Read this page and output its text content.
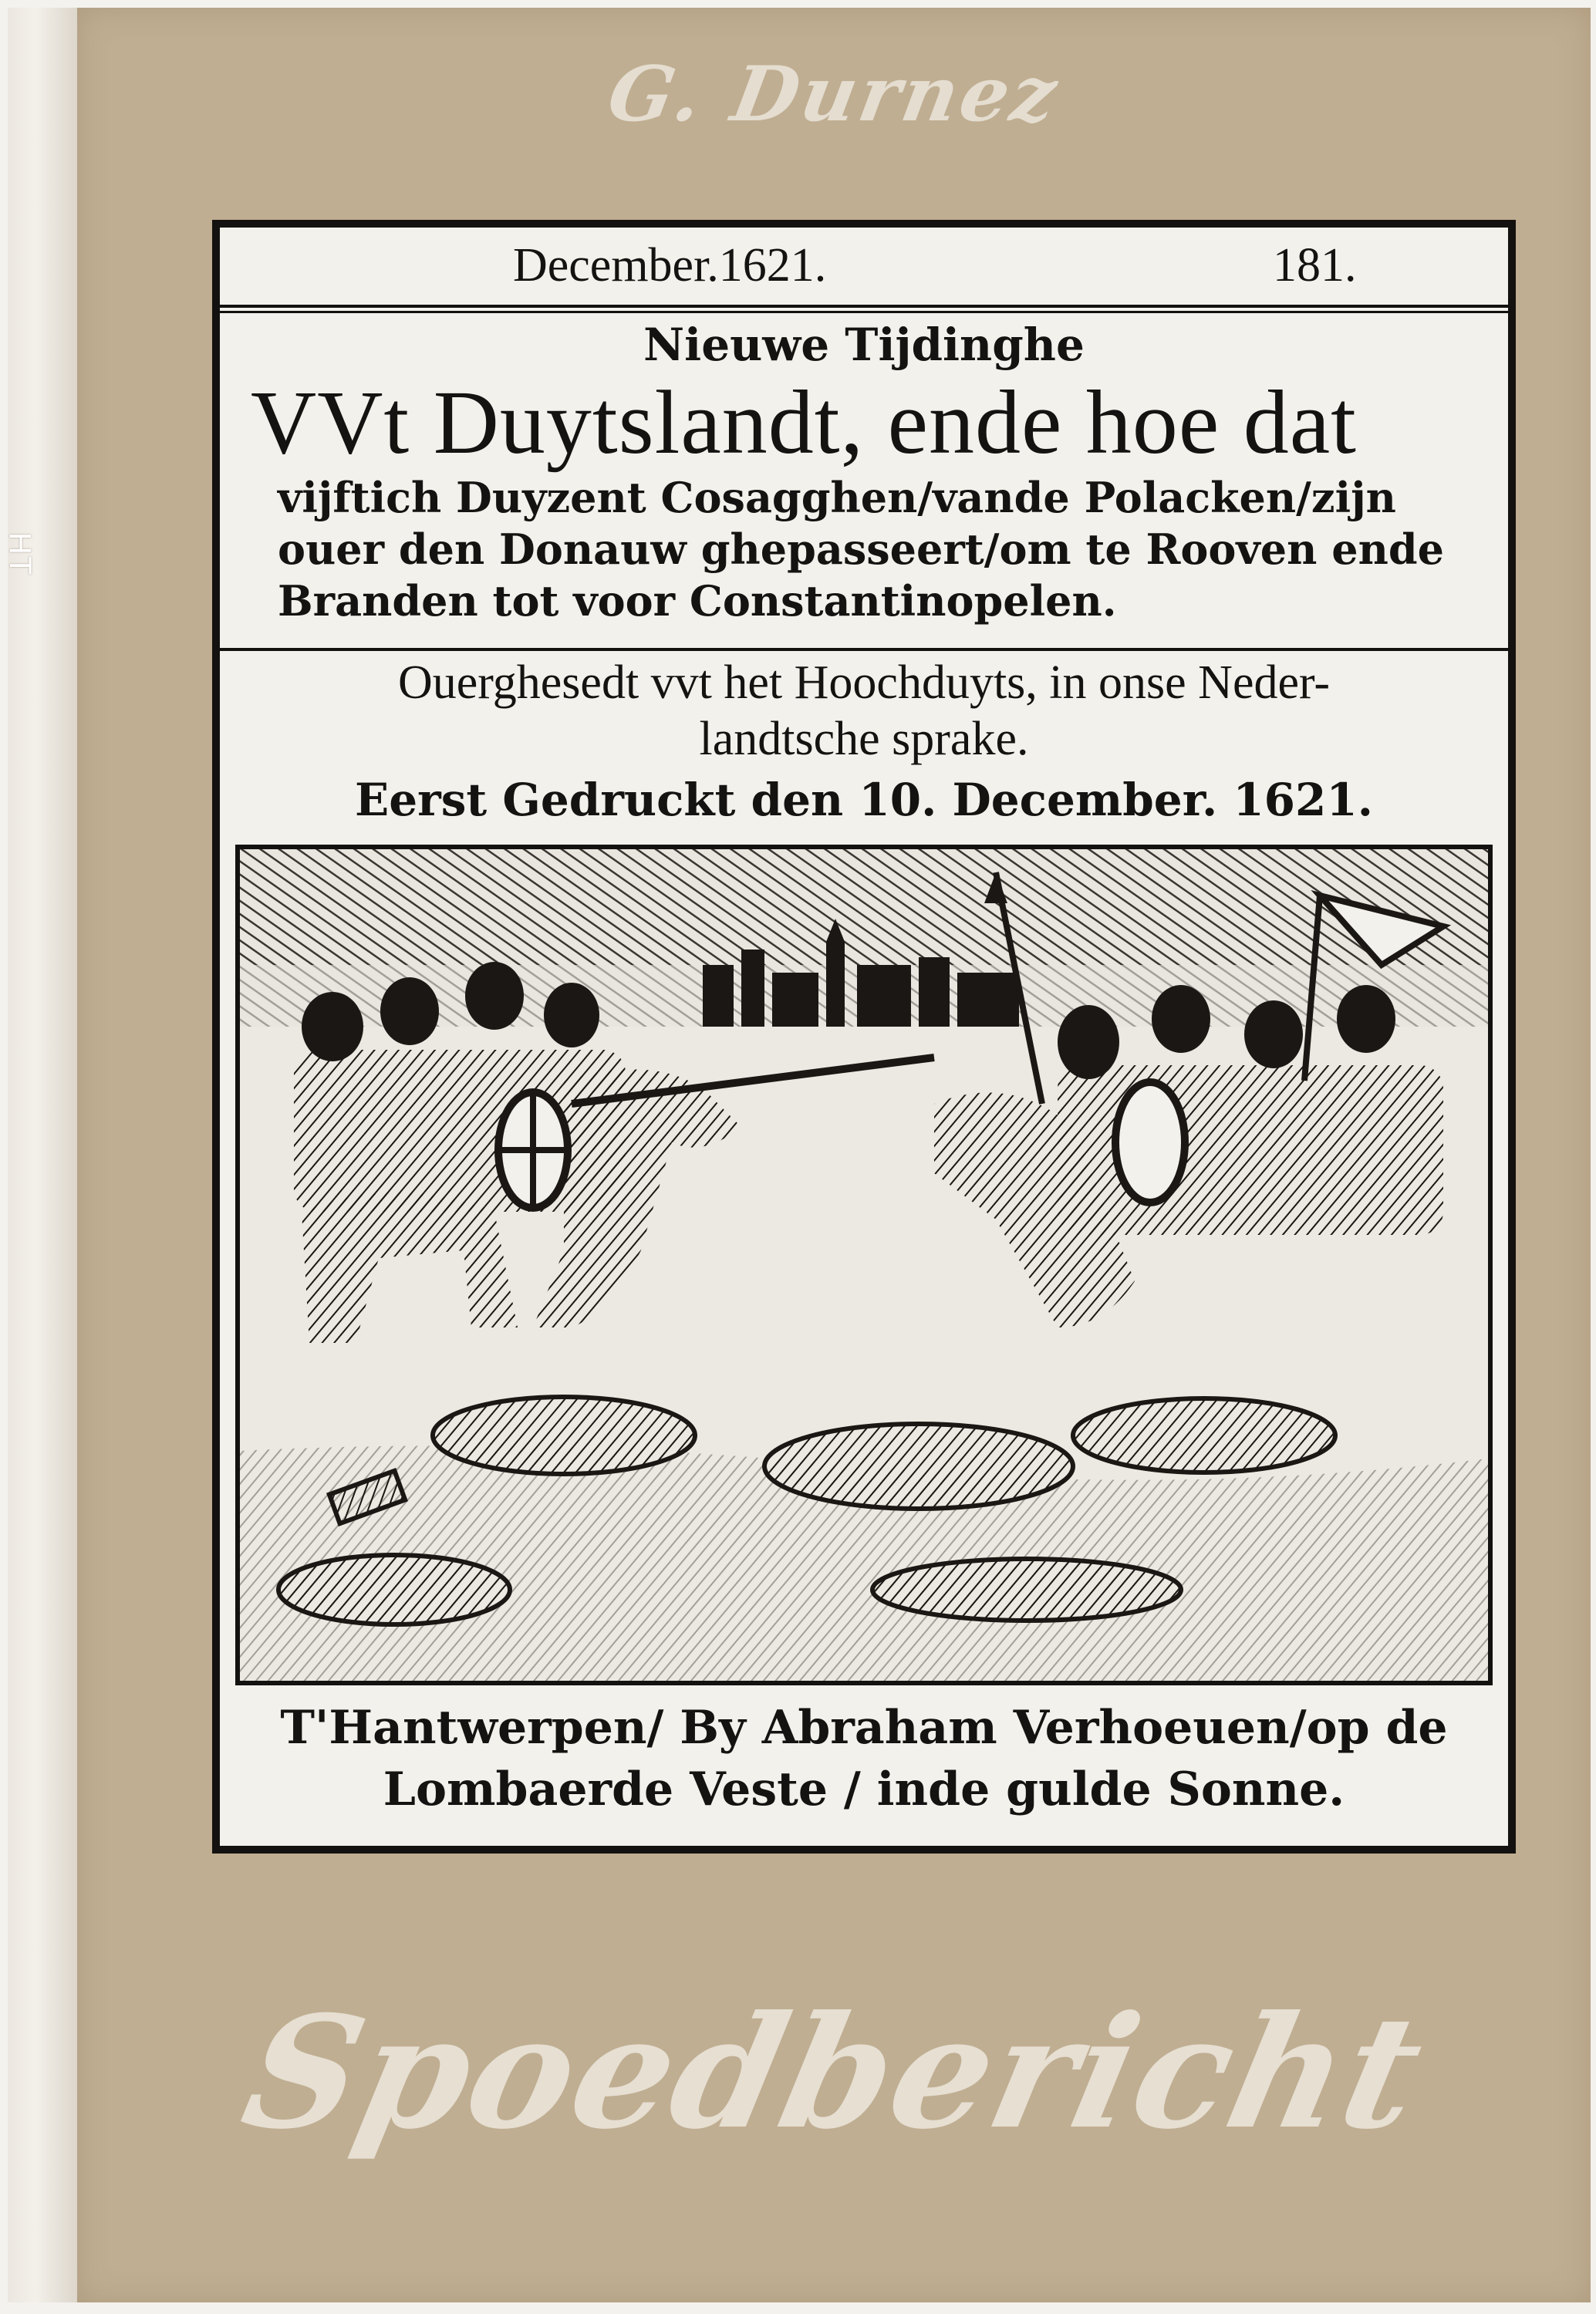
HT
G. Durnez
December.1621.	181.
Nieuwe Tijdinghe
VVt Duytslandt, ende hoe dat
vijftich Duyzent Cosagghen/vande Polacken/zijn
ouer den Donauw ghepasseert/om te Rooven ende
Branden tot voor Constantinopelen.
Ouerghesedt vvt het Hoochduyts, in onse Neder-
landtsche sprake.
Eerst Gedruckt den 10. December. 1621.
T'Hantwerpen/ By Abraham Verhoeuen/op de
Lombaerde Veste / inde gulde Sonne.
Spoedbericht
